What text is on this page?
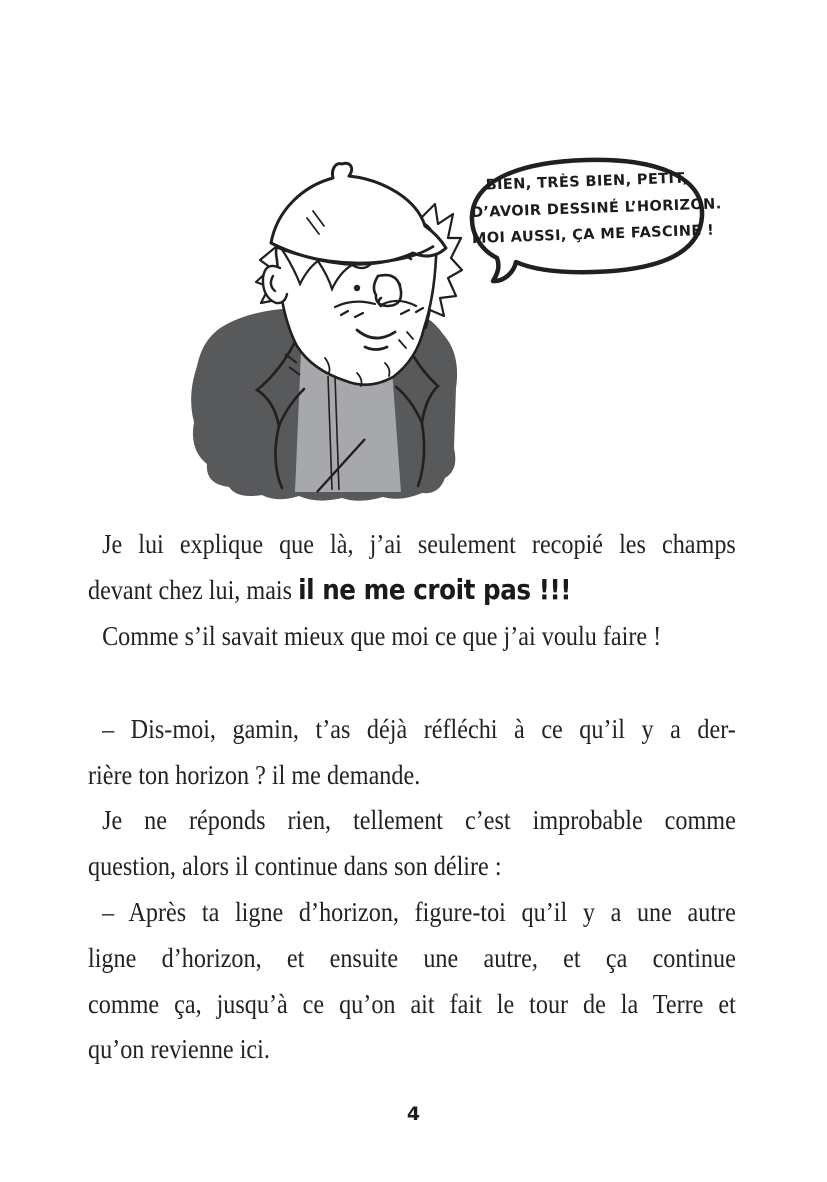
BIEN, TRÈS BIEN, PETIT,
D’AVOIR DESSINÉ L’HORIZON.
MOI AUSSI, ÇA ME FASCINE !
Je lui explique que là, j’ai seulement recopié les champs
devant chez lui, mais il ne me croit pas !!!
Comme s’il savait mieux que moi ce que j’ai voulu faire !
– Dis-moi, gamin, t’as déjà réfléchi à ce qu’il y a der-
rière ton horizon ? il me demande.
Je ne réponds rien, tellement c’est improbable comme
question, alors il continue dans son délire :
– Après ta ligne d’horizon, figure-toi qu’il y a une autre
ligne d’horizon, et ensuite une autre, et ça continue
comme ça, jusqu’à ce qu’on ait fait le tour de la Terre et
qu’on revienne ici.
4
